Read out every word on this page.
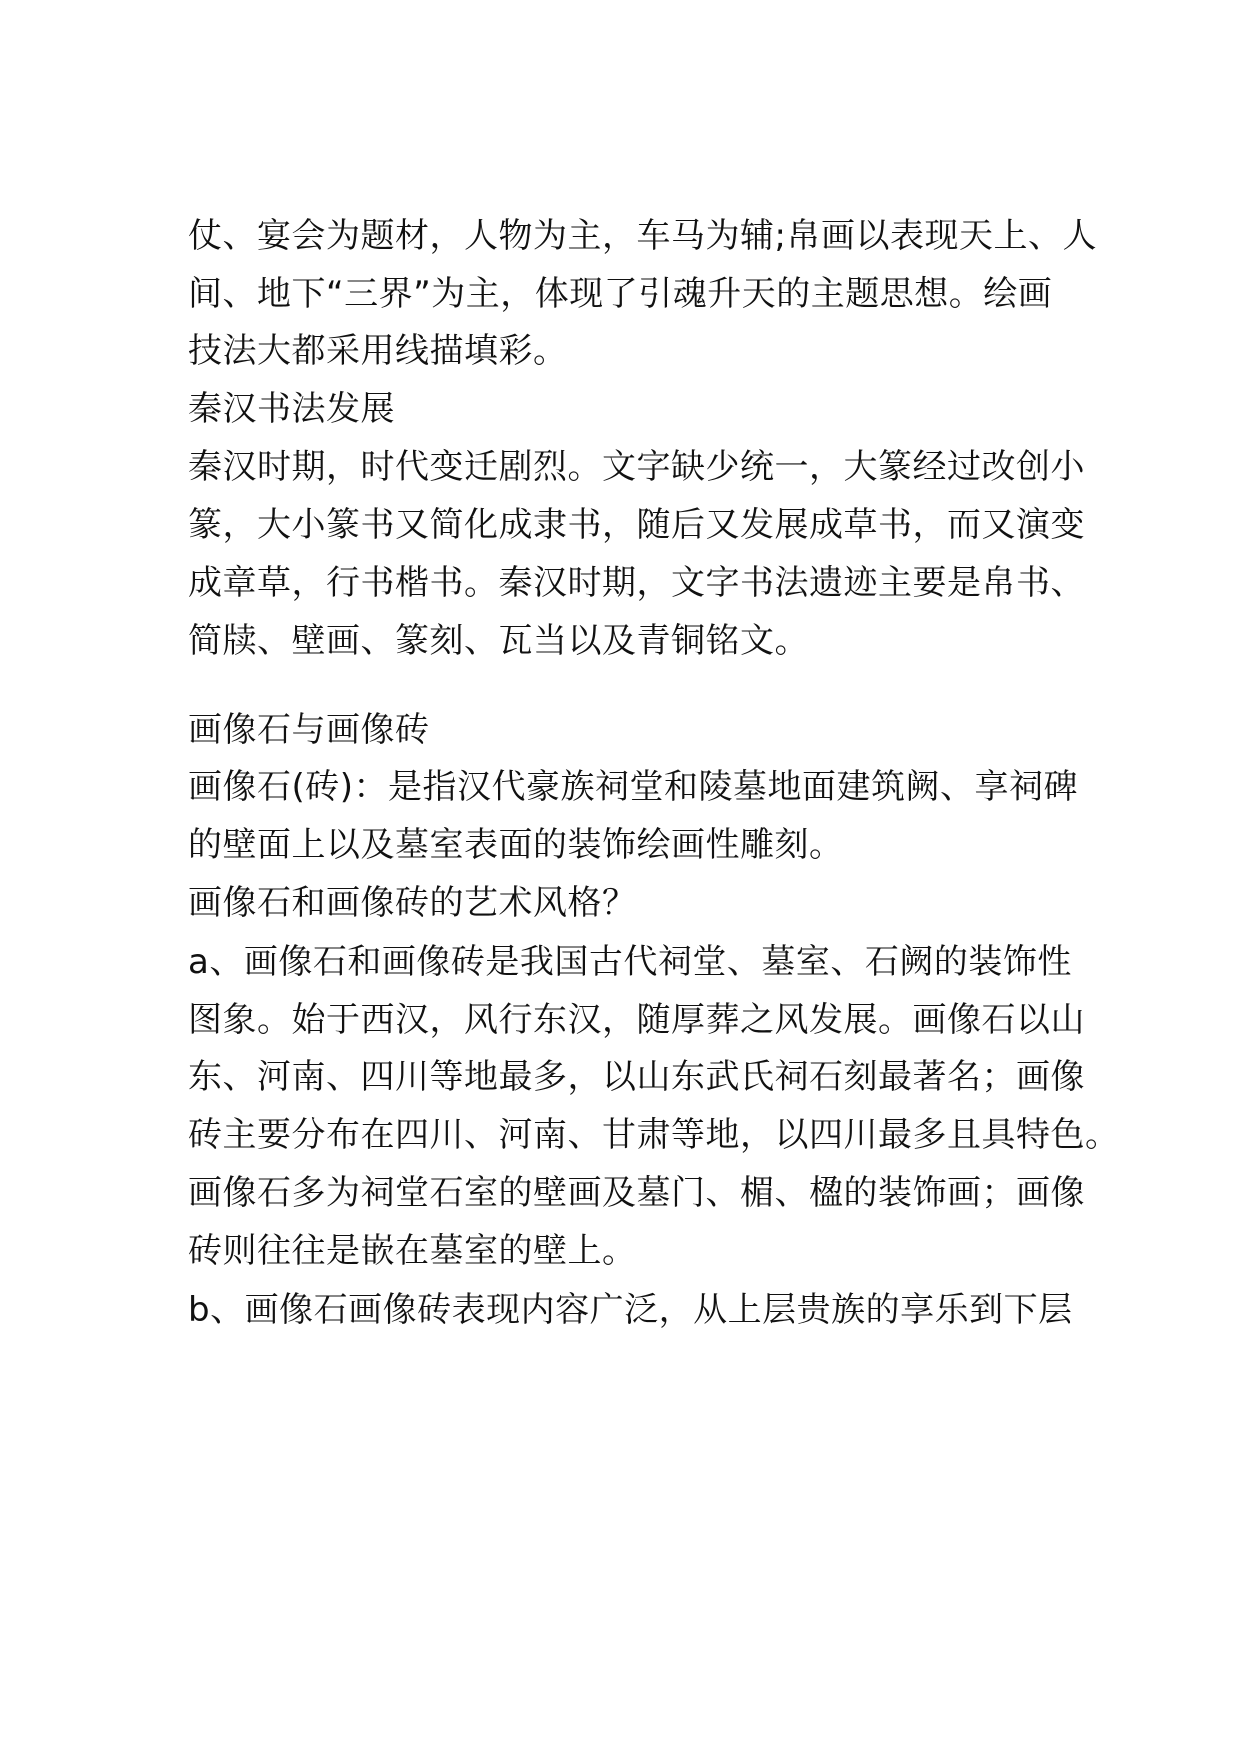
仗、宴会为题材，人物为主，车马为辅;帛画以表现天上、人
间、地下“三界”为主，体现了引魂升天的主题思想。绘画
技法大都采用线描填彩。
秦汉书法发展
秦汉时期，时代变迁剧烈。文字缺少统一，大篆经过改创小
篆，大小篆书又简化成隶书，随后又发展成草书，而又演变
成章草，行书楷书。秦汉时期，文字书法遗迹主要是帛书、
简牍、壁画、篆刻、瓦当以及青铜铭文。
画像石与画像砖
画像石(砖)：是指汉代豪族祠堂和陵墓地面建筑阙、享祠碑
的壁面上以及墓室表面的装饰绘画性雕刻。
画像石和画像砖的艺术风格？
a、画像石和画像砖是我国古代祠堂、墓室、石阙的装饰性
图象。始于西汉，风行东汉，随厚葬之风发展。画像石以山
东、河南、四川等地最多，以山东武氏祠石刻最著名；画像
砖主要分布在四川、河南、甘肃等地，以四川最多且具特色。
画像石多为祠堂石室的壁画及墓门、楣、楹的装饰画；画像
砖则往往是嵌在墓室的壁上。
b、画像石画像砖表现内容广泛，从上层贵族的享乐到下层
